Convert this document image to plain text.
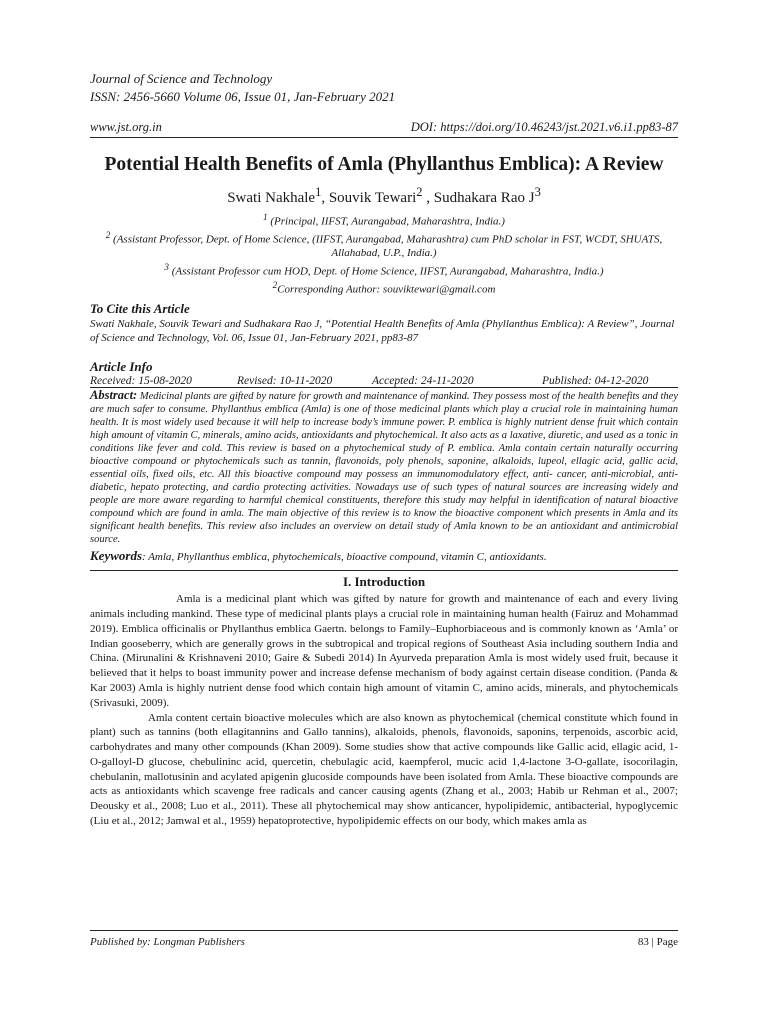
Journal of Science and Technology
ISSN: 2456-5660 Volume 06, Issue 01, Jan-February 2021
www.jst.org.in	DOI: https://doi.org/10.46243/jst.2021.v6.i1.pp83-87
Potential Health Benefits of Amla (Phyllanthus Emblica): A Review
Swati Nakhale$^1$, Souvik Tewari$^2$ , Sudhakara Rao $J^3$
$^1$ (Principal, IIFST, Aurangabad, Maharashtra, India.)
$^2$ (Assistant Professor, Dept. of Home Science, (IIFST, Aurangabad, Maharashtra) cum PhD scholar in FST, WCDT, SHUATS, Allahabad, U.P., India.)
$^3$ (Assistant Professor cum HOD, Dept. of Home Science, IIFST, Aurangabad, Maharashtra, India.)
$^2$Corresponding Author: souviktewari@gmail.com
To Cite this Article
Swati Nakhale, Souvik Tewari and Sudhakara Rao J, “Potential Health Benefits of Amla (Phyllanthus Emblica): A Review”, Journal of Science and Technology, Vol. 06, Issue 01, Jan-February 2021, pp83-87
Article Info
Received: 15-08-2020	Revised: 10-11-2020	Accepted: 24-11-2020	Published: 04-12-2020
Abstract: Medicinal plants are gifted by nature for growth and maintenance of mankind. They possess most of the health benefits and they are much safer to consume. Phyllanthus emblica (Amla) is one of those medicinal plants which play a crucial role in maintaining human health. It is most widely used because it will help to increase body’s immune power. P. emblica is highly nutrient dense fruit which contain high amount of vitamin C, minerals, amino acids, antioxidants and phytochemical. It also acts as a laxative, diuretic, and used as a tonic in conditions like fever and cold. This review is based on a phytochemical study of P. emblica. Amla contain certain naturally occurring bioactive compound or phytochemicals such as tannin, flavonoids, poly phenols, saponine, alkaloids, lupeol, ellagic acid, gallic acid, essential oils, fixed oils, etc. All this bioactive compound may possess an immunomodulatory effect, anti- cancer, anti-microbial, anti- diabetic, hepato protecting, and cardio protecting activities. Nowadays use of such types of natural sources are increasing widely and people are more aware regarding to harmful chemical constituents, therefore this study may helpful in identification of natural bioactive compound which are found in amla. The main objective of this review is to know the bioactive component which presents in Amla and its significant health benefits. This review also includes an overview on detail study of Amla known to be an antioxidant and antimicrobial source.
Keywords: Amla, Phyllanthus emblica, phytochemicals, bioactive compound, vitamin C, antioxidants.
I. Introduction
Amla is a medicinal plant which was gifted by nature for growth and maintenance of each and every living animals including mankind. These type of medicinal plants plays a crucial role in maintaining human health (Fairuz and Mohammad 2019). Emblica officinalis or Phyllanthus emblica Gaertn. belongs to Family–Euphorbiaceous and is commonly known as ‘Amla’ or Indian gooseberry, which are generally grows in the subtropical and tropical regions of Southeast Asia including southern India and China. (Mirunalini & Krishnaveni 2010; Gaire & Subedi 2014) In Ayurveda preparation Amla is most widely used fruit, because it believed that it helps to boast immunity power and increase defense mechanism of body against certain disease condition. (Panda & Kar 2003) Amla is highly nutrient dense food which contain high amount of vitamin C, amino acids, minerals, and phytochemicals (Srivasuki, 2009).
Amla content certain bioactive molecules which are also known as phytochemical (chemical constitute which found in plant) such as tannins (both ellagitannins and Gallo tannins), alkaloids, phenols, flavonoids, saponins, terpenoids, ascorbic acid, carbohydrates and many other compounds (Khan 2009). Some studies show that active compounds like Gallic acid, ellagic acid, 1-O-galloyl-D glucose, chebulininc acid, quercetin, chebulagic acid, kaempferol, mucic acid 1,4-lactone 3-O-gallate, isocorilagin, chebulanin, mallotusinin and acylated apigenin glucoside compounds have been isolated from Amla. These bioactive compounds are acts as antioxidants which scavenge free radicals and cancer causing agents (Zhang et al., 2003; Habib ur Rehman et al., 2007; Deousky et al., 2008; Luo et al., 2011). These all phytochemical may show anticancer, hypolipidemic, antibacterial, hypoglycemic (Liu et al., 2012; Jamwal et al., 1959) hepatoprotective, hypolipidemic effects on our body, which makes amla as
Published by: Longman Publishers	83 | Page
